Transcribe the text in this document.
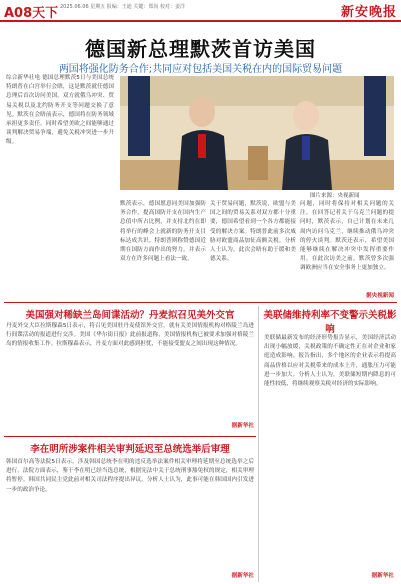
A08天下 2025.06.06 星期五 报编：王迪 关键：郑尚 校对：姜洋	新安晚报
德国新总理默茨首访美国
两国将强化防务合作;共同应对包括美国关税在内的国际贸易问题
综合新华社电 德国总理默茨5日与美国总统特朗普在白宫举行会晤，这是默茨就任德国总理后首次访问美国。双方就俄乌冲突、贸易关税以及北约防务开支等问题交换了意见。默茨在会晤前表示，德国将在防务领域承担更多责任，同时希望美欧之间能够通过谈判解决贸易争端，避免关税冲突进一步升级。
图片来源：央视新闻
默茨表示，德国愿意同美国加强防务合作，提高国防开支在国内生产总值中所占比例，并支持北约在即将举行的峰会上就新的防务开支目标达成共识。特朗普则称赞德国近期在国防方面作出的努力，并表示双方在许多问题上看法一致。
关于贸易问题，默茨说，欧盟与美国之间的贸易关系对双方都十分重要，德国希望看到一个各方都能接受的解决方案。特朗普此前多次威胁对欧盟商品加征高额关税。分析人士认为，此次会晤有助于缓和美德关系。
问题，同时将保持对相关问题的关注。在回答记者关于乌克兰问题的提问时，默茨表示，自己计划在未来几周内访问乌克兰，继续推动俄乌冲突的停火谈判。默茨还表示，希望美国能够继续在解决冲突中发挥重要作用。在此次访美之前，默茨曾多次强调欧洲应当在安全事务上更加独立。
据央视新闻
美国强对稀缺兰岛间谍活动？丹麦拟召见美外交官
丹麦外交大臣拉斯穆森5日表示，将召见美国驻丹麦使馆外交官，就有关美国情报机构对格陵兰岛进行间谍活动的报道进行交涉。美国《华尔街日报》此前报道称，美国情报机构已被要求加强对格陵兰岛的情报收集工作。拉斯穆森表示，丹麦方面对此感到担忧，不能接受盟友之间出现这种情况。
据新华社
美联储维持利率不变警示关税影响
美联储最新发布的经济形势报告显示，美国经济活动出现小幅放缓，关税政策的不确定性正在对企业和家庭造成影响。报告指出，多个地区的企业表示将提高商品价格以应对关税带来的成本上升，通胀压力可能进一步加大。分析人士认为，美联储短期内降息的可能性较低，将继续观察关税对经济的实际影响。
据新华社
李在明所涉案件相关审判延迟至总统选举后审理
韩国首尔高等法院5日表示，涉及韩国总统李在明的违反选举法案件相关审理将延期至总统选举之后进行。法院方面表示，鉴于李在明已经当选总统，根据宪法中关于总统刑事豁免权的规定，相关审理将暂停。韩国共同民主党此前对相关司法程序提出异议。分析人士认为，此事可能在韩国国内引发进一步的政治争论。
据新华社
